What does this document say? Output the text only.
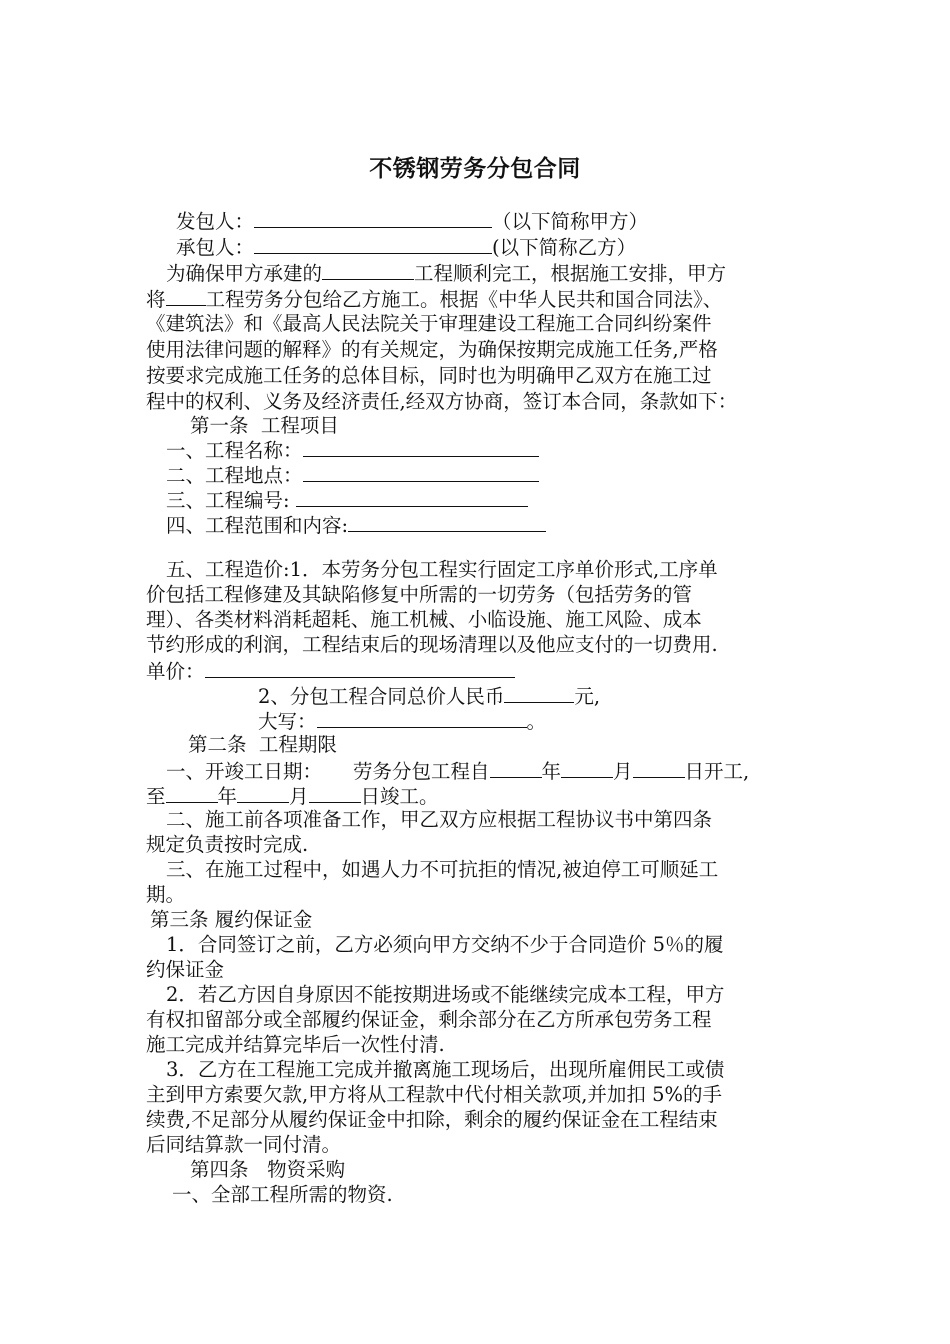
不锈钢劳务分包合同
发包人：	（以下简称甲方）
承包人：	(以下简称乙方）
为确保甲方承建的	工程顺利完工，根据施工安排，甲方
将 工程劳务分包给乙方施工。根据《中华人民共和国合同法》、
《建筑法》和《最高人民法院关于审理建设工程施工合同纠纷案件
使用法律问题的解释》的有关规定，为确保按期完成施工任务,严格
按要求完成施工任务的总体目标，同时也为明确甲乙双方在施工过
程中的权利、义务及经济责任,经双方协商，签订本合同，条款如下：
第一条  工程项目
一、工程名称：
二、工程地点：
三、工程编号:
四、工程范围和内容:
五、工程造价:1．本劳务分包工程实行固定工序单价形式,工序单
价包括工程修建及其缺陷修复中所需的一切劳务（包括劳务的管
理）、各类材料消耗超耗、施工机械、小临设施、施工风险、成本
节约形成的利润，工程结束后的现场清理以及他应支付的一切费用.
单价：
2、分包工程合同总价人民币	元,
大写：	。
第二条  工程期限
一、开竣工日期：     劳务分包工程自	年	月	日开工,
至	年	月	日竣工。
二、施工前各项准备工作，甲乙双方应根据工程协议书中第四条
规定负责按时完成.
三、在施工过程中，如遇人力不可抗拒的情况,被迫停工可顺延工
期。
第三条 履约保证金
1．合同签订之前，乙方必须向甲方交纳不少于合同造价 5％的履
约保证金
2．若乙方因自身原因不能按期进场或不能继续完成本工程，甲方
有权扣留部分或全部履约保证金，剩余部分在乙方所承包劳务工程
施工完成并结算完毕后一次性付清.
3．乙方在工程施工完成并撤离施工现场后，出现所雇佣民工或债
主到甲方索要欠款,甲方将从工程款中代付相关款项,并加扣 5%的手
续费,不足部分从履约保证金中扣除，剩余的履约保证金在工程结束
后同结算款一同付清。
第四条   物资采购
一、全部工程所需的物资.
